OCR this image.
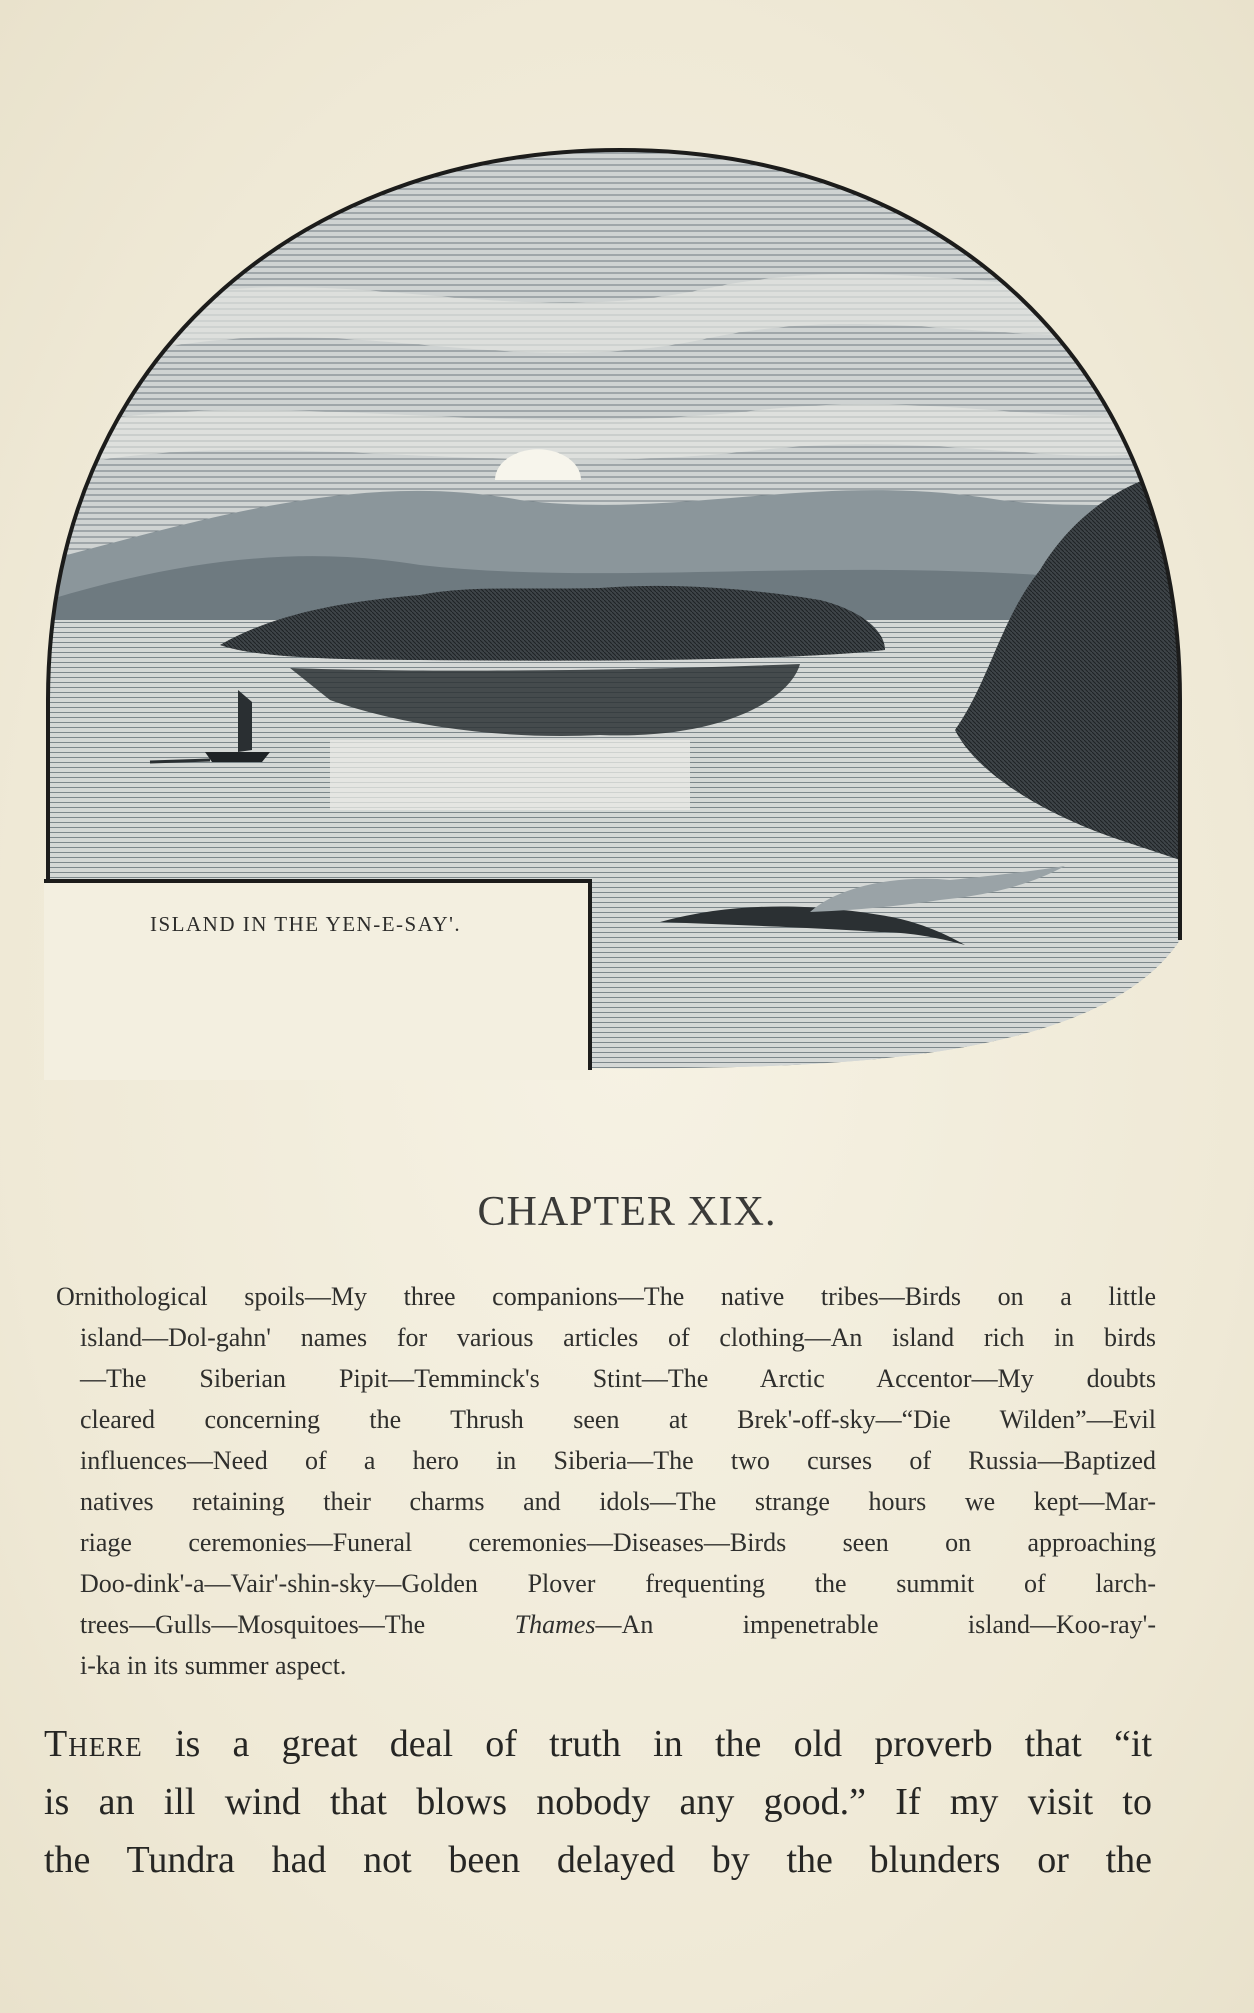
ISLAND IN THE YEN-E-SAY'.
CHAPTER XIX.
Ornithological spoils—My three companions—The native tribes—Birds on a little
island—Dol-gahn' names for various articles of clothing—An island rich in birds
—The Siberian Pipit—Temminck's Stint—The Arctic Accentor—My doubts
cleared concerning the Thrush seen at Brek'-off-sky—“Die Wilden”—Evil
influences—Need of a hero in Siberia—The two curses of Russia—Baptized
natives retaining their charms and idols—The strange hours we kept—Mar-
riage ceremonies—Funeral ceremonies—Diseases—Birds seen on approaching
Doo-dink'-a—Vair'-shin-sky—Golden Plover frequenting the summit of larch-
trees—Gulls—Mosquitoes—The Thames—An impenetrable island—Koo-ray'-
i-ka in its summer aspect.
There is a great deal of truth in the old proverb that “it
is an ill wind that blows nobody any good.” If my visit to
the Tundra had not been delayed by the blunders or the
